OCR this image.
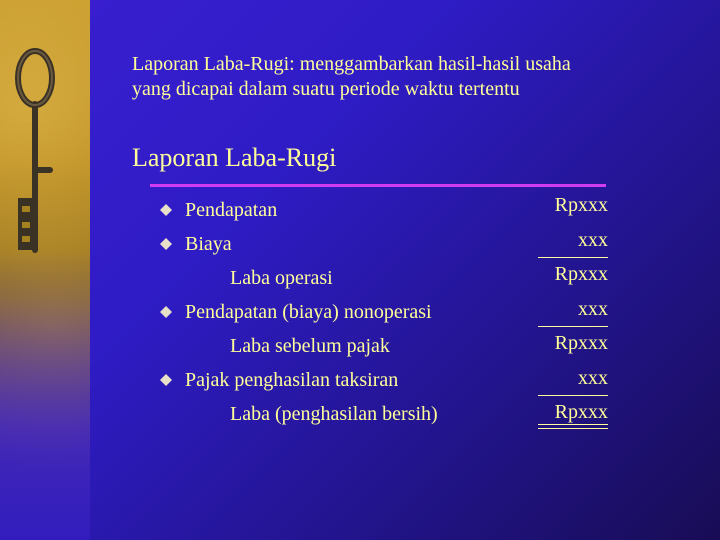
Laporan Laba-Rugi: menggambarkan hasil-hasil usaha
yang dicapai dalam suatu periode waktu tertentu
Laporan Laba-Rugi
Pendapatan
Biaya
Laba operasi
Pendapatan (biaya) nonoperasi
Laba sebelum pajak
Pajak penghasilan taksiran
Laba (penghasilan bersih)
Rpxxx
xxx
Rpxxx
xxx
Rpxxx
xxx
Rpxxx
